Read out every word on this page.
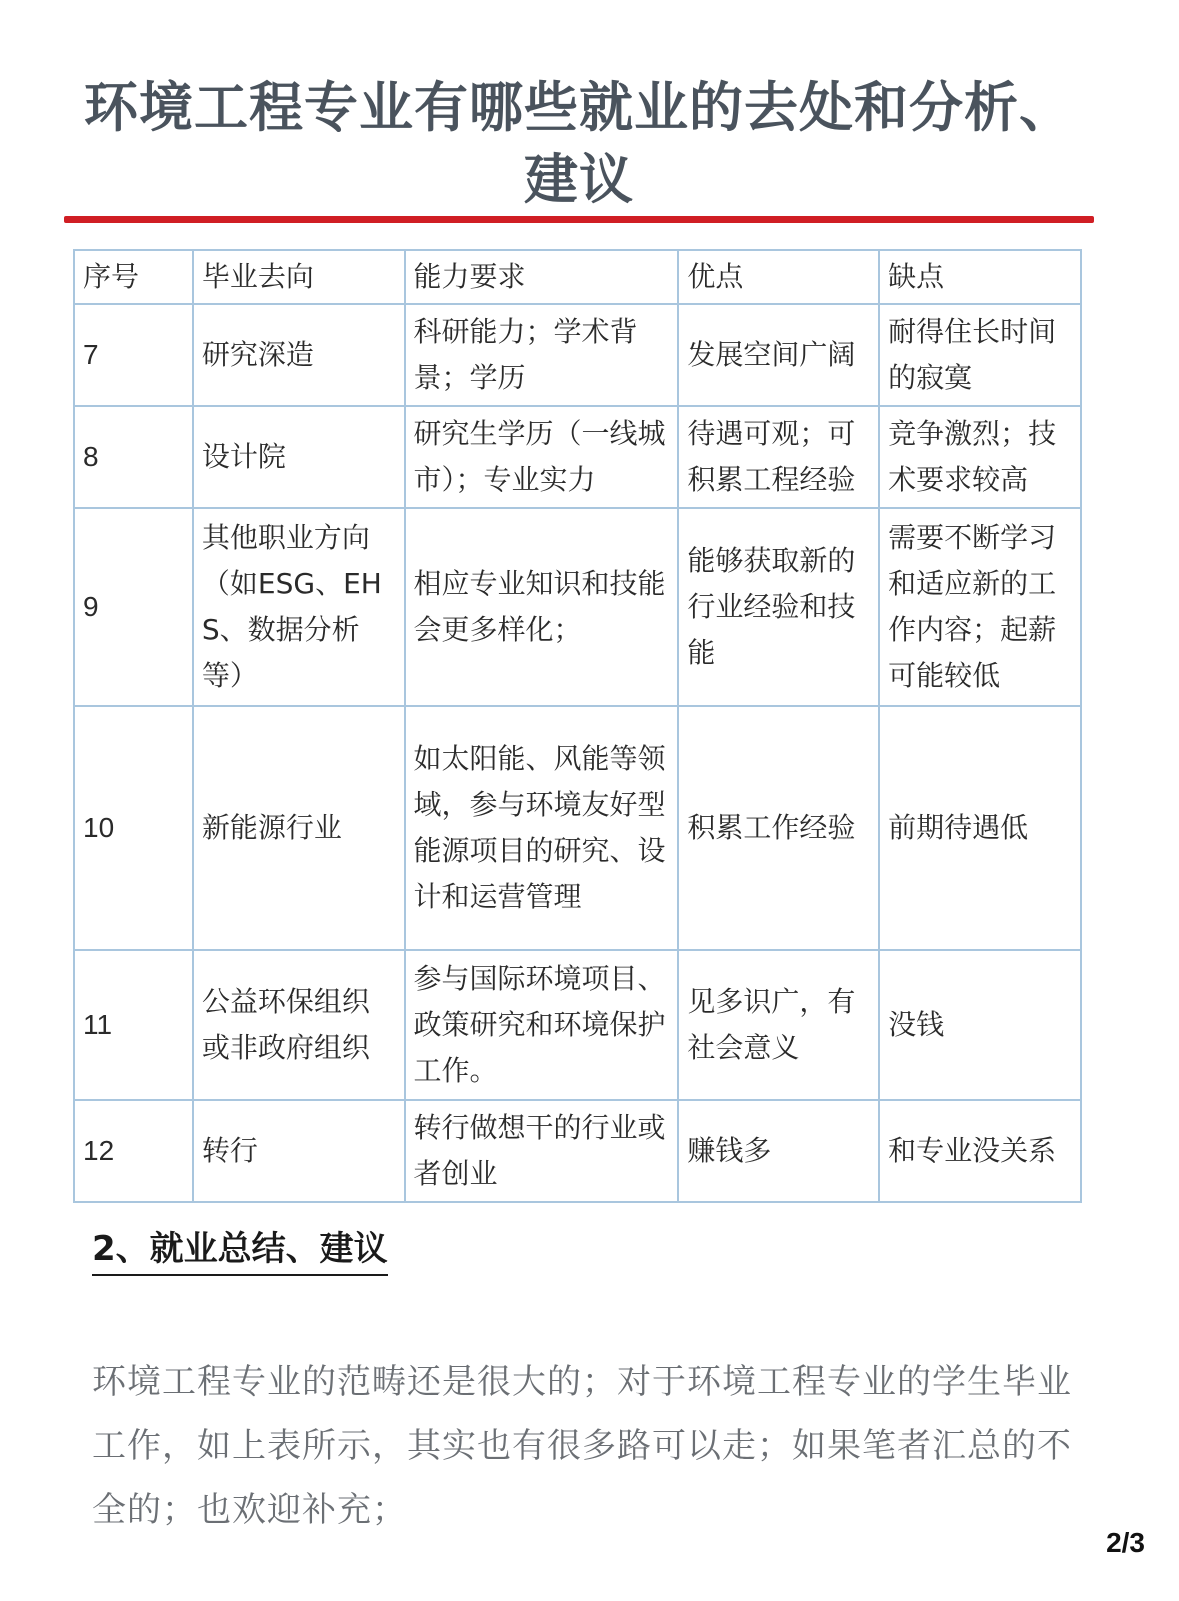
环境工程专业有哪些就业的去处和分析、建议
序号	毕业去向	能力要求	优点	缺点
7	研究深造	科研能力；学术背景；学历	发展空间广阔	耐得住长时间的寂寞
8	设计院	研究生学历（一线城市）；专业实力	待遇可观；可积累工程经验	竞争激烈；技术要求较高
9	其他职业方向（如ESG、EHS、数据分析等）	相应专业知识和技能会更多样化；	能够获取新的行业经验和技能	需要不断学习和适应新的工作内容；起薪可能较低
10	新能源行业	如太阳能、风能等领域，参与环境友好型能源项目的研究、设计和运营管理	积累工作经验	前期待遇低
11	公益环保组织或非政府组织	参与国际环境项目、政策研究和环境保护工作。	见多识广，有社会意义	没钱
12	转行	转行做想干的行业或者创业	赚钱多	和专业没关系
2、就业总结、建议
环境工程专业的范畴还是很大的；对于环境工程专业的学生毕业工作，如上表所示，其实也有很多路可以走；如果笔者汇总的不全的；也欢迎补充；
2/3
